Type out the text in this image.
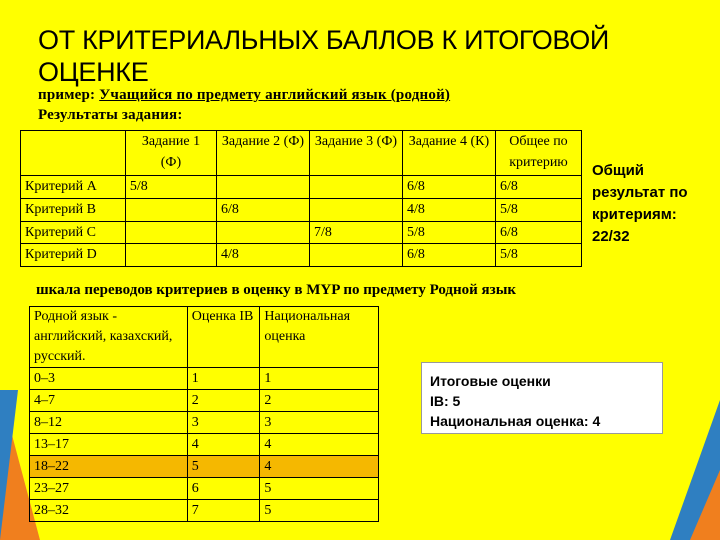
ОТ КРИТЕРИАЛЬНЫХ БАЛЛОВ К ИТОГОВОЙ ОЦЕНКЕ
пример: Учащийся по предмету английский язык (родной)
Результаты задания:
	Задание 1 (Ф)	Задание 2 (Ф)	Задание 3 (Ф)	Задание 4 (К)	Общее по критерию
Критерий A	5/8			6/8	6/8
Критерий B		6/8		4/8	5/8
Критерий C			7/8	5/8	6/8
Критерий D		4/8		6/8	5/8
Общий результат по критериям:
22/32
шкала переводов критериев в оценку в MYP по предмету Родной язык
Родной язык - английский, казахский, русский.	Оценка IB	Национальная оценка
0–3	1	1
4–7	2	2
8–12	3	3
13–17	4	4
18–22	5	4
23–27	6	5
28–32	7	5
Итоговые оценки
IB: 5
Национальная оценка: 4
